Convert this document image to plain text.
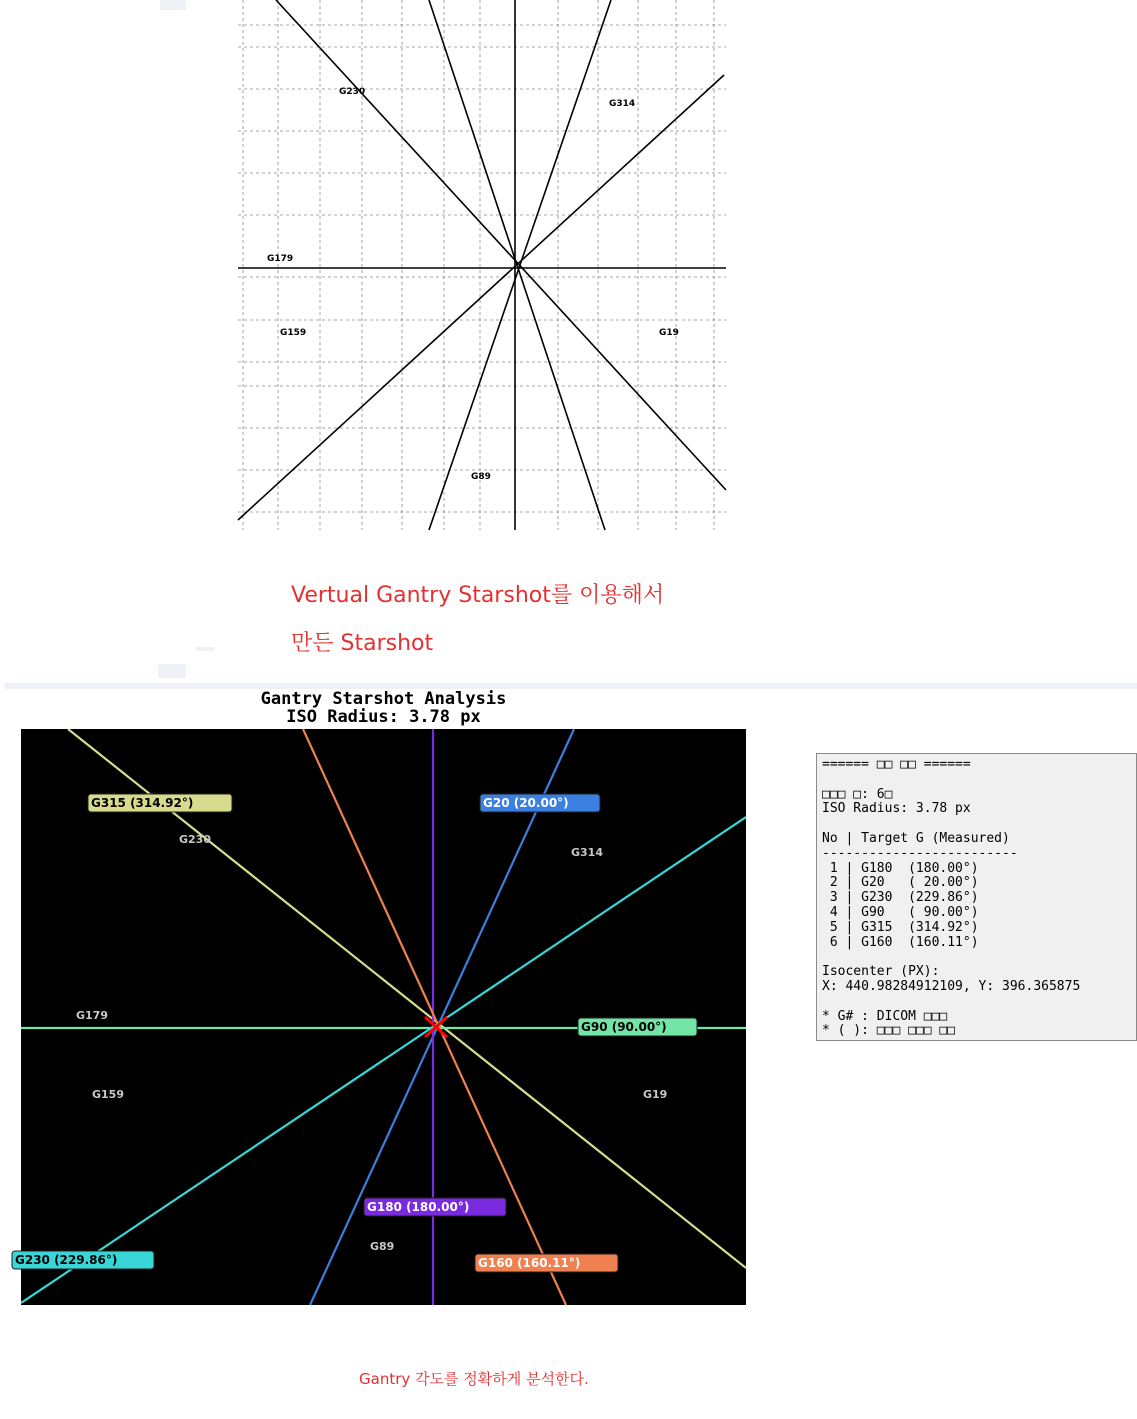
G230
G314
G179
G159	G19
G89
Vertual Gantry Starshot를 이용해서
만든 Starshot
Gantry Starshot Analysis
ISO Radius: 3.78 px
G230
G314
G179
G159	G19
G89
G315 (314.92°)	G20 (20.00°)
G90 (90.00°)
G180 (180.00°)
G230 (229.86°)	G160 (160.11°)
====== □□ □□ ======

□□□ □: 6□
ISO Radius: 3.78 px

No | Target G (Measured)
-------------------------
1 | G180  (180.00°)
2 | G20   ( 20.00°)
3 | G230  (229.86°)
4 | G90   ( 90.00°)
5 | G315  (314.92°)
6 | G160  (160.11°)

Isocenter (PX):
X: 440.98284912109, Y: 396.365875

* G# : DICOM □□□
* ( ): □□□ □□□ □□
Gantry 각도를 정확하게 분석한다.
